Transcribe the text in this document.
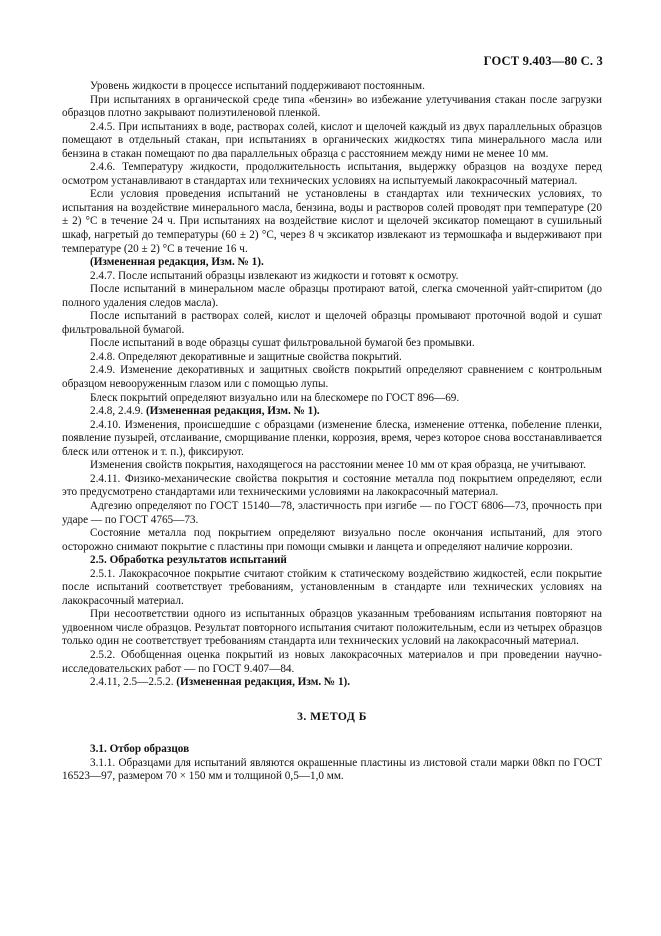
ГОСТ 9.403—80 С. 3

Уровень жидкости в процессе испытаний поддерживают постоянным.

При испытаниях в органической среде типа «бензин» во избежание улетучивания стакан после загрузки образцов плотно закрывают полиэтиленовой пленкой.

2.4.5. При испытаниях в воде, растворах солей, кислот и щелочей каждый из двух параллельных образцов помещают в отдельный стакан, при испытаниях в органических жидкостях типа минерального масла или бензина в стакан помещают по два параллельных образца с расстоянием между ними не менее 10 мм.

2.4.6. Температуру жидкости, продолжительность испытания, выдержку образцов на воздухе перед осмотром устанавливают в стандартах или технических условиях на испытуемый лакокрасочный материал.

Если условия проведения испытаний не установлены в стандартах или технических условиях, то испытания на воздействие минерального масла, бензина, воды и растворов солей проводят при температуре (20 ± 2) °С в течение 24 ч. При испытаниях на воздействие кислот и щелочей эксикатор помещают в сушильный шкаф, нагретый до температуры (60 ± 2) °С, через 8 ч эксикатор извлекают из термошкафа и выдерживают при температуре (20 ± 2) °С в течение 16 ч.

(Измененная редакция, Изм. № 1).

2.4.7. После испытаний образцы извлекают из жидкости и готовят к осмотру.

После испытаний в минеральном масле образцы протирают ватой, слегка смоченной уайт-спиритом (до полного удаления следов масла).

После испытаний в растворах солей, кислот и щелочей образцы промывают проточной водой и сушат фильтровальной бумагой.

После испытаний в воде образцы сушат фильтровальной бумагой без промывки.

2.4.8. Определяют декоративные и защитные свойства покрытий.

2.4.9. Изменение декоративных и защитных свойств покрытий определяют сравнением с контрольным образцом невооруженным глазом или с помощью лупы.

Блеск покрытий определяют визуально или на блескомере по ГОСТ 896—69.

2.4.8, 2.4.9. (Измененная редакция, Изм. № 1).

2.4.10. Изменения, происшедшие с образцами (изменение блеска, изменение оттенка, побеление пленки, появление пузырей, отслаивание, сморщивание пленки, коррозия, время, через которое снова восстанавливается блеск или оттенок и т. п.), фиксируют.

Изменения свойств покрытия, находящегося на расстоянии менее 10 мм от края образца, не учитывают.

2.4.11. Физико-механические свойства покрытия и состояние металла под покрытием определяют, если это предусмотрено стандартами или техническими условиями на лакокрасочный материал.

Адгезию определяют по ГОСТ 15140—78, эластичность при изгибе — по ГОСТ 6806—73, прочность при ударе — по ГОСТ 4765—73.

Состояние металла под покрытием определяют визуально после окончания испытаний, для этого осторожно снимают покрытие с пластины при помощи смывки и ланцета и определяют наличие коррозии.

2.5. Обработка результатов испытаний

2.5.1. Лакокрасочное покрытие считают стойким к статическому воздействию жидкостей, если покрытие после испытаний соответствует требованиям, установленным в стандарте или технических условиях на лакокрасочный материал.

При несоответствии одного из испытанных образцов указанным требованиям испытания повторяют на удвоенном числе образцов. Результат повторного испытания считают положительным, если из четырех образцов только один не соответствует требованиям стандарта или технических условий на лакокрасочный материал.

2.5.2. Обобщенная оценка покрытий из новых лакокрасочных материалов и при проведении научно-исследовательских работ — по ГОСТ 9.407—84.

2.4.11, 2.5—2.5.2. (Измененная редакция, Изм. № 1).

3. МЕТОД Б

3.1. Отбор образцов

3.1.1. Образцами для испытаний являются окрашенные пластины из листовой стали марки 08кп по ГОСТ 16523—97, размером 70 × 150 мм и толщиной 0,5—1,0 мм.
